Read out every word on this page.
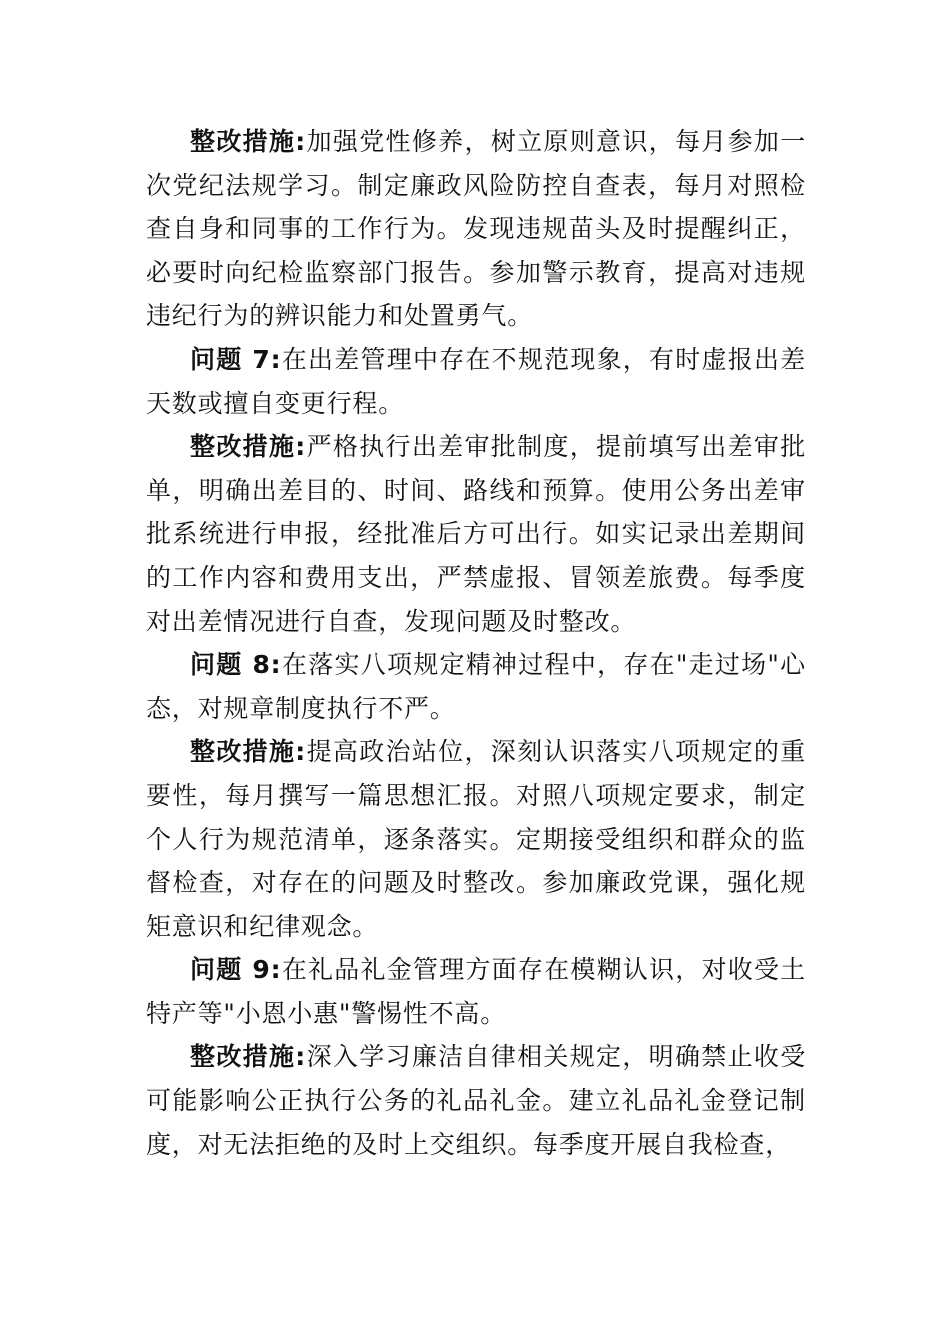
整改措施:加强党性修养，树立原则意识，每月参加一次党纪法规学习。制定廉政风险防控自查表，每月对照检查自身和同事的工作行为。发现违规苗头及时提醒纠正，必要时向纪检监察部门报告。参加警示教育，提高对违规违纪行为的辨识能力和处置勇气。

问题 7:在出差管理中存在不规范现象，有时虚报出差天数或擅自变更行程。

整改措施:严格执行出差审批制度，提前填写出差审批单，明确出差目的、时间、路线和预算。使用公务出差审批系统进行申报，经批准后方可出行。如实记录出差期间的工作内容和费用支出，严禁虚报、冒领差旅费。每季度对出差情况进行自查，发现问题及时整改。

问题 8:在落实八项规定精神过程中，存在"走过场"心态，对规章制度执行不严。

整改措施:提高政治站位，深刻认识落实八项规定的重要性，每月撰写一篇思想汇报。对照八项规定要求，制定个人行为规范清单，逐条落实。定期接受组织和群众的监督检查，对存在的问题及时整改。参加廉政党课，强化规矩意识和纪律观念。

问题 9:在礼品礼金管理方面存在模糊认识，对收受土特产等"小恩小惠"警惕性不高。

整改措施:深入学习廉洁自律相关规定，明确禁止收受可能影响公正执行公务的礼品礼金。建立礼品礼金登记制度，对无法拒绝的及时上交组织。每季度开展自我检查，
